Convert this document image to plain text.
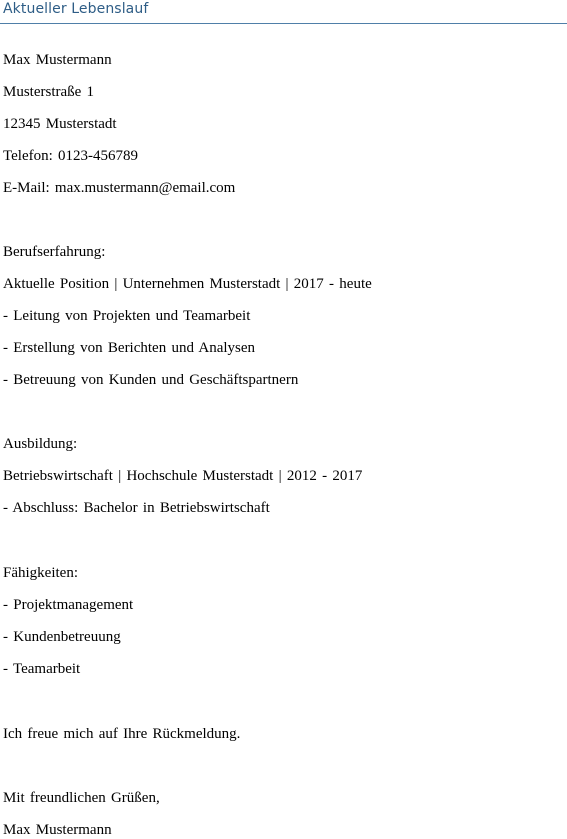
Aktueller Lebenslauf
Max Mustermann
Musterstraße 1
12345 Musterstadt
Telefon: 0123-456789
E-Mail: max.mustermann@email.com
Berufserfahrung:
Aktuelle Position | Unternehmen Musterstadt | 2017 - heute
- Leitung von Projekten und Teamarbeit
- Erstellung von Berichten und Analysen
- Betreuung von Kunden und Geschäftspartnern
Ausbildung:
Betriebswirtschaft | Hochschule Musterstadt | 2012 - 2017
- Abschluss: Bachelor in Betriebswirtschaft
Fähigkeiten:
- Projektmanagement
- Kundenbetreuung
- Teamarbeit
Ich freue mich auf Ihre Rückmeldung.
Mit freundlichen Grüßen,
Max Mustermann
